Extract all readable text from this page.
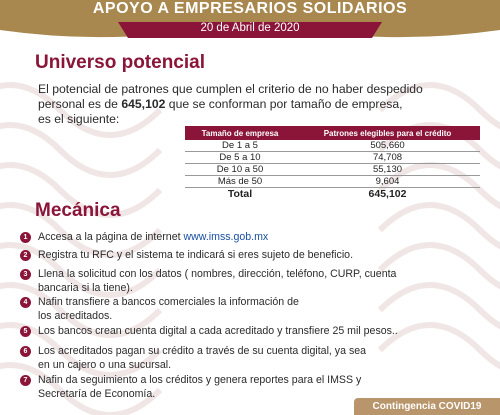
APOYO A EMPRESARIOS SOLIDARIOS
20 de Abril de 2020
Universo potencial
El potencial de patrones que cumplen el criterio de no haber despedido
personal es de 645,102 que se conforman por tamaño de empresa,
es el siguiente:
Tamaño de empresa	Patrones elegibles para el crédito
De 1 a 5	505,660
De 5 a 10	74,708
De 10 a 50	55,130
Más de 50	9,604
Total	645,102
Mecánica
1 Accesa a la página de internet www.imss.gob.mx
2 Registra tu RFC y el sistema te indicará si eres sujeto de beneficio.
3 Llena la solicitud con los datos ( nombres, dirección, teléfono, CURP, cuenta
bancaria si la tiene).
4 Nafin transfiere a bancos comerciales la información de
los acreditados.
5 Los bancos crean cuenta digital a cada acreditado y transfiere 25 mil pesos..
6 Los acreditados pagan su crédito a través de su cuenta digital, ya sea
en un cajero o una sucursal.
7 Nafin da seguimiento a los créditos y genera reportes para el IMSS y
Secretaría de Economía.
Contingencia COVID19
